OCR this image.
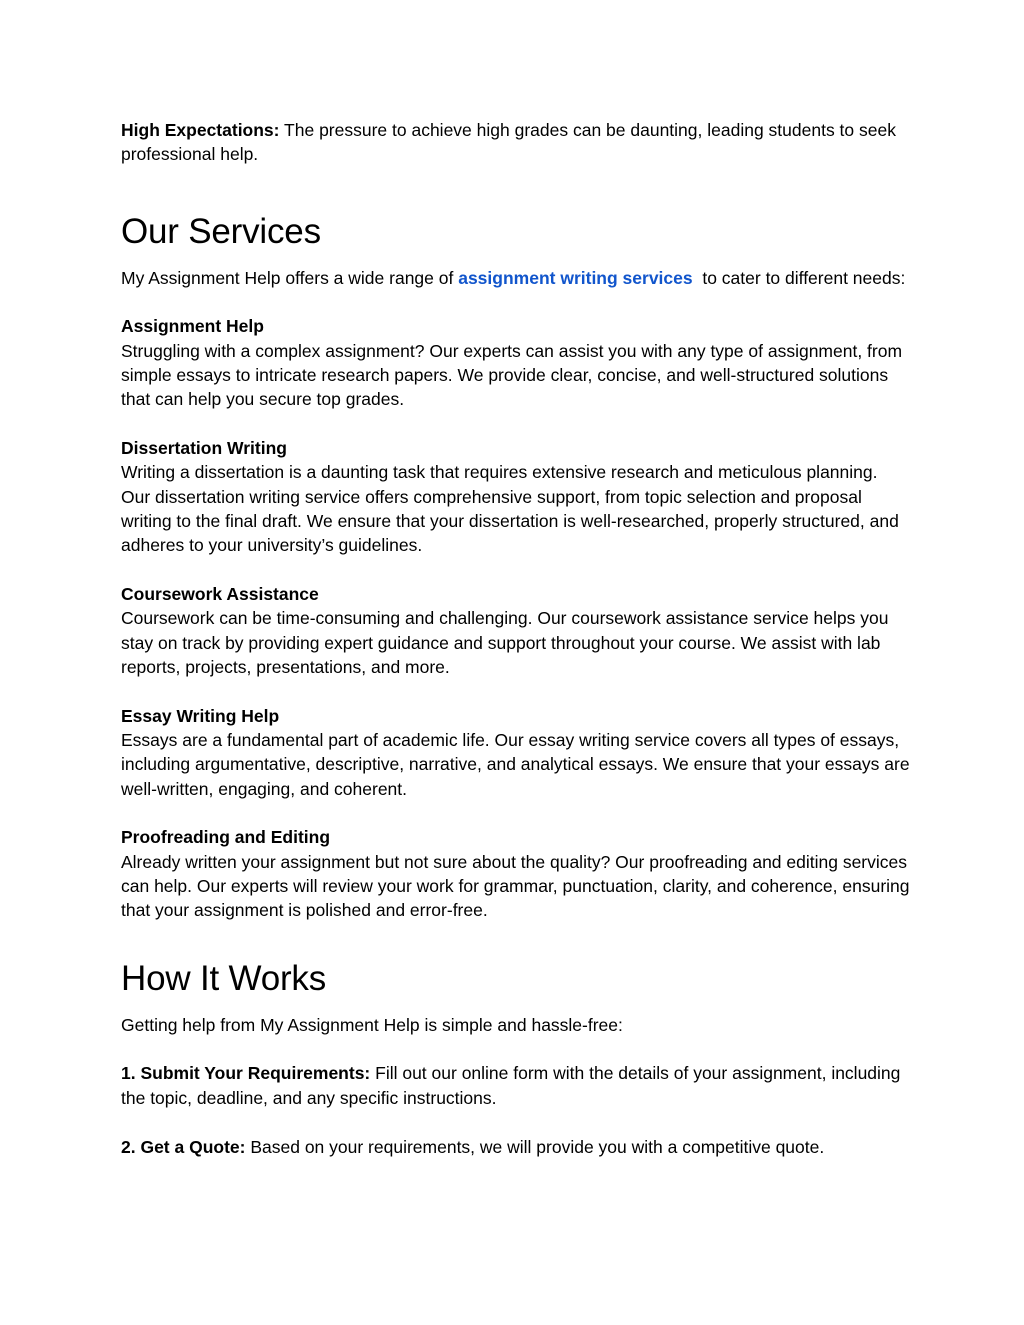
High Expectations: The pressure to achieve high grades can be daunting, leading students to seek professional help.

Our Services

My Assignment Help offers a wide range of assignment writing services  to cater to different needs:

Assignment Help

Struggling with a complex assignment? Our experts can assist you with any type of assignment, from simple essays to intricate research papers. We provide clear, concise, and well-structured solutions that can help you secure top grades.

Dissertation Writing

Writing a dissertation is a daunting task that requires extensive research and meticulous planning. Our dissertation writing service offers comprehensive support, from topic selection and proposal writing to the final draft. We ensure that your dissertation is well-researched, properly structured, and adheres to your university’s guidelines.

Coursework Assistance

Coursework can be time-consuming and challenging. Our coursework assistance service helps you stay on track by providing expert guidance and support throughout your course. We assist with lab reports, projects, presentations, and more.

Essay Writing Help

Essays are a fundamental part of academic life. Our essay writing service covers all types of essays, including argumentative, descriptive, narrative, and analytical essays. We ensure that your essays are well-written, engaging, and coherent.

Proofreading and Editing

Already written your assignment but not sure about the quality? Our proofreading and editing services can help. Our experts will review your work for grammar, punctuation, clarity, and coherence, ensuring that your assignment is polished and error-free.

How It Works

Getting help from My Assignment Help is simple and hassle-free:

1. Submit Your Requirements: Fill out our online form with the details of your assignment, including the topic, deadline, and any specific instructions.

2. Get a Quote: Based on your requirements, we will provide you with a competitive quote.
